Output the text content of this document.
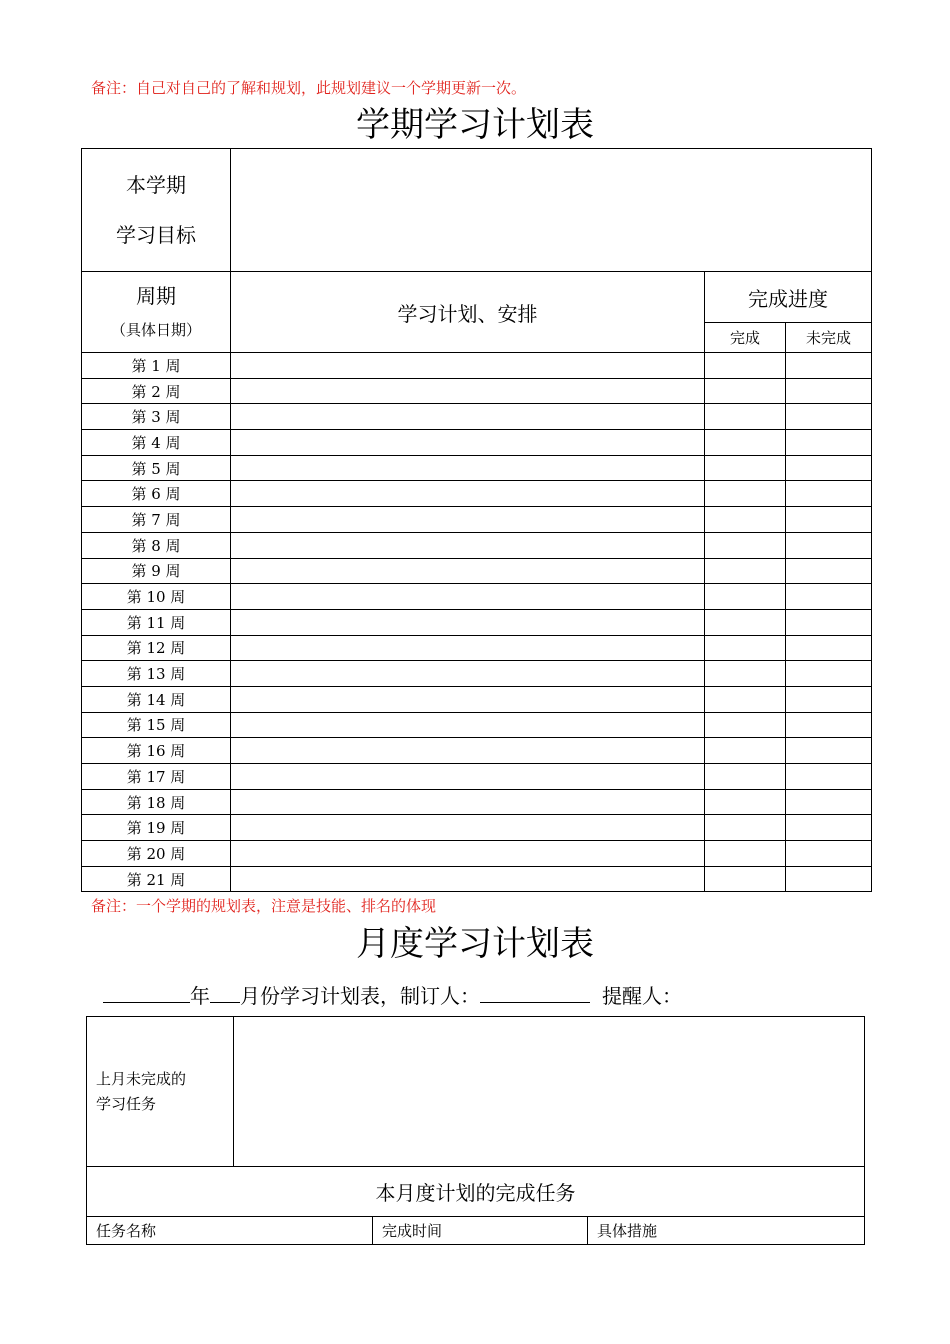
备注：自己对自己的了解和规划，此规划建议一个学期更新一次。
学期学习计划表
本学期
学习目标			

周期
（具体日期）	学习计划、安排	完成进度	
		完成	未完成
第 1 周			
第 2 周			
第 3 周			
第 4 周			
第 5 周			
第 6 周			
第 7 周			
第 8 周			
第 9 周			
第 10 周			
第 11 周			
第 12 周			
第 13 周			
第 14 周			
第 15 周			
第 16 周			
第 17 周			
第 18 周			
第 19 周			
第 20 周			
第 21 周			
备注：一个学期的规划表，注意是技能、排名的体现
月度学习计划表
年 月份学习计划表，制订人：	提醒人：
上月未完成的
学习任务			

本月度计划的完成任务			
任务名称		完成时间	具体措施
